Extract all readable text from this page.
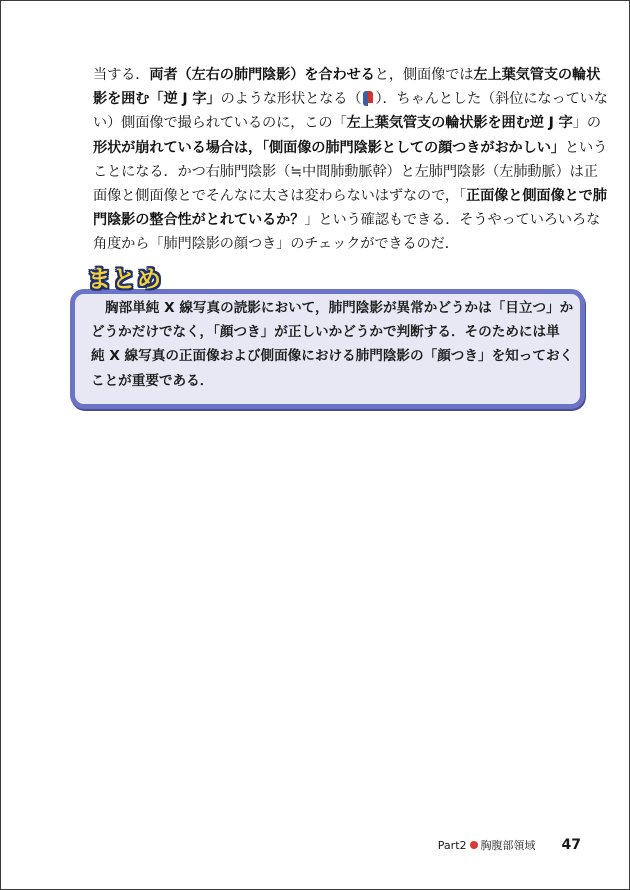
当する．両者（左右の肺門陰影）を合わせると，側面像では左上葉気管支の輪状
影を囲む「逆 J 字」のような形状となる（ ）．ちゃんとした（斜位になっていな
い）側面像で撮られているのに，この「左上葉気管支の輪状影を囲む逆 J 字」の
形状が崩れている場合は，「側面像の肺門陰影としての顔つきがおかしい」という
ことになる．かつ右肺門陰影（≒中間肺動脈幹）と左肺門陰影（左肺動脈）は正
面像と側面像とでそんなに太さは変わらないはずなので，「正面像と側面像とで肺
門陰影の整合性がとれているか？」という確認もできる．そうやっていろいろな
角度から「肺門陰影の顔つき」のチェックができるのだ．
まとめ
胸部単純 X 線写真の読影において，肺門陰影が異常かどうかは「目立つ」か
どうかだけでなく，「顔つき」が正しいかどうかで判断する．そのためには単
純 X 線写真の正面像および側面像における肺門陰影の「顔つき」を知っておく
ことが重要である．
Part2 胸腹部領域 47
